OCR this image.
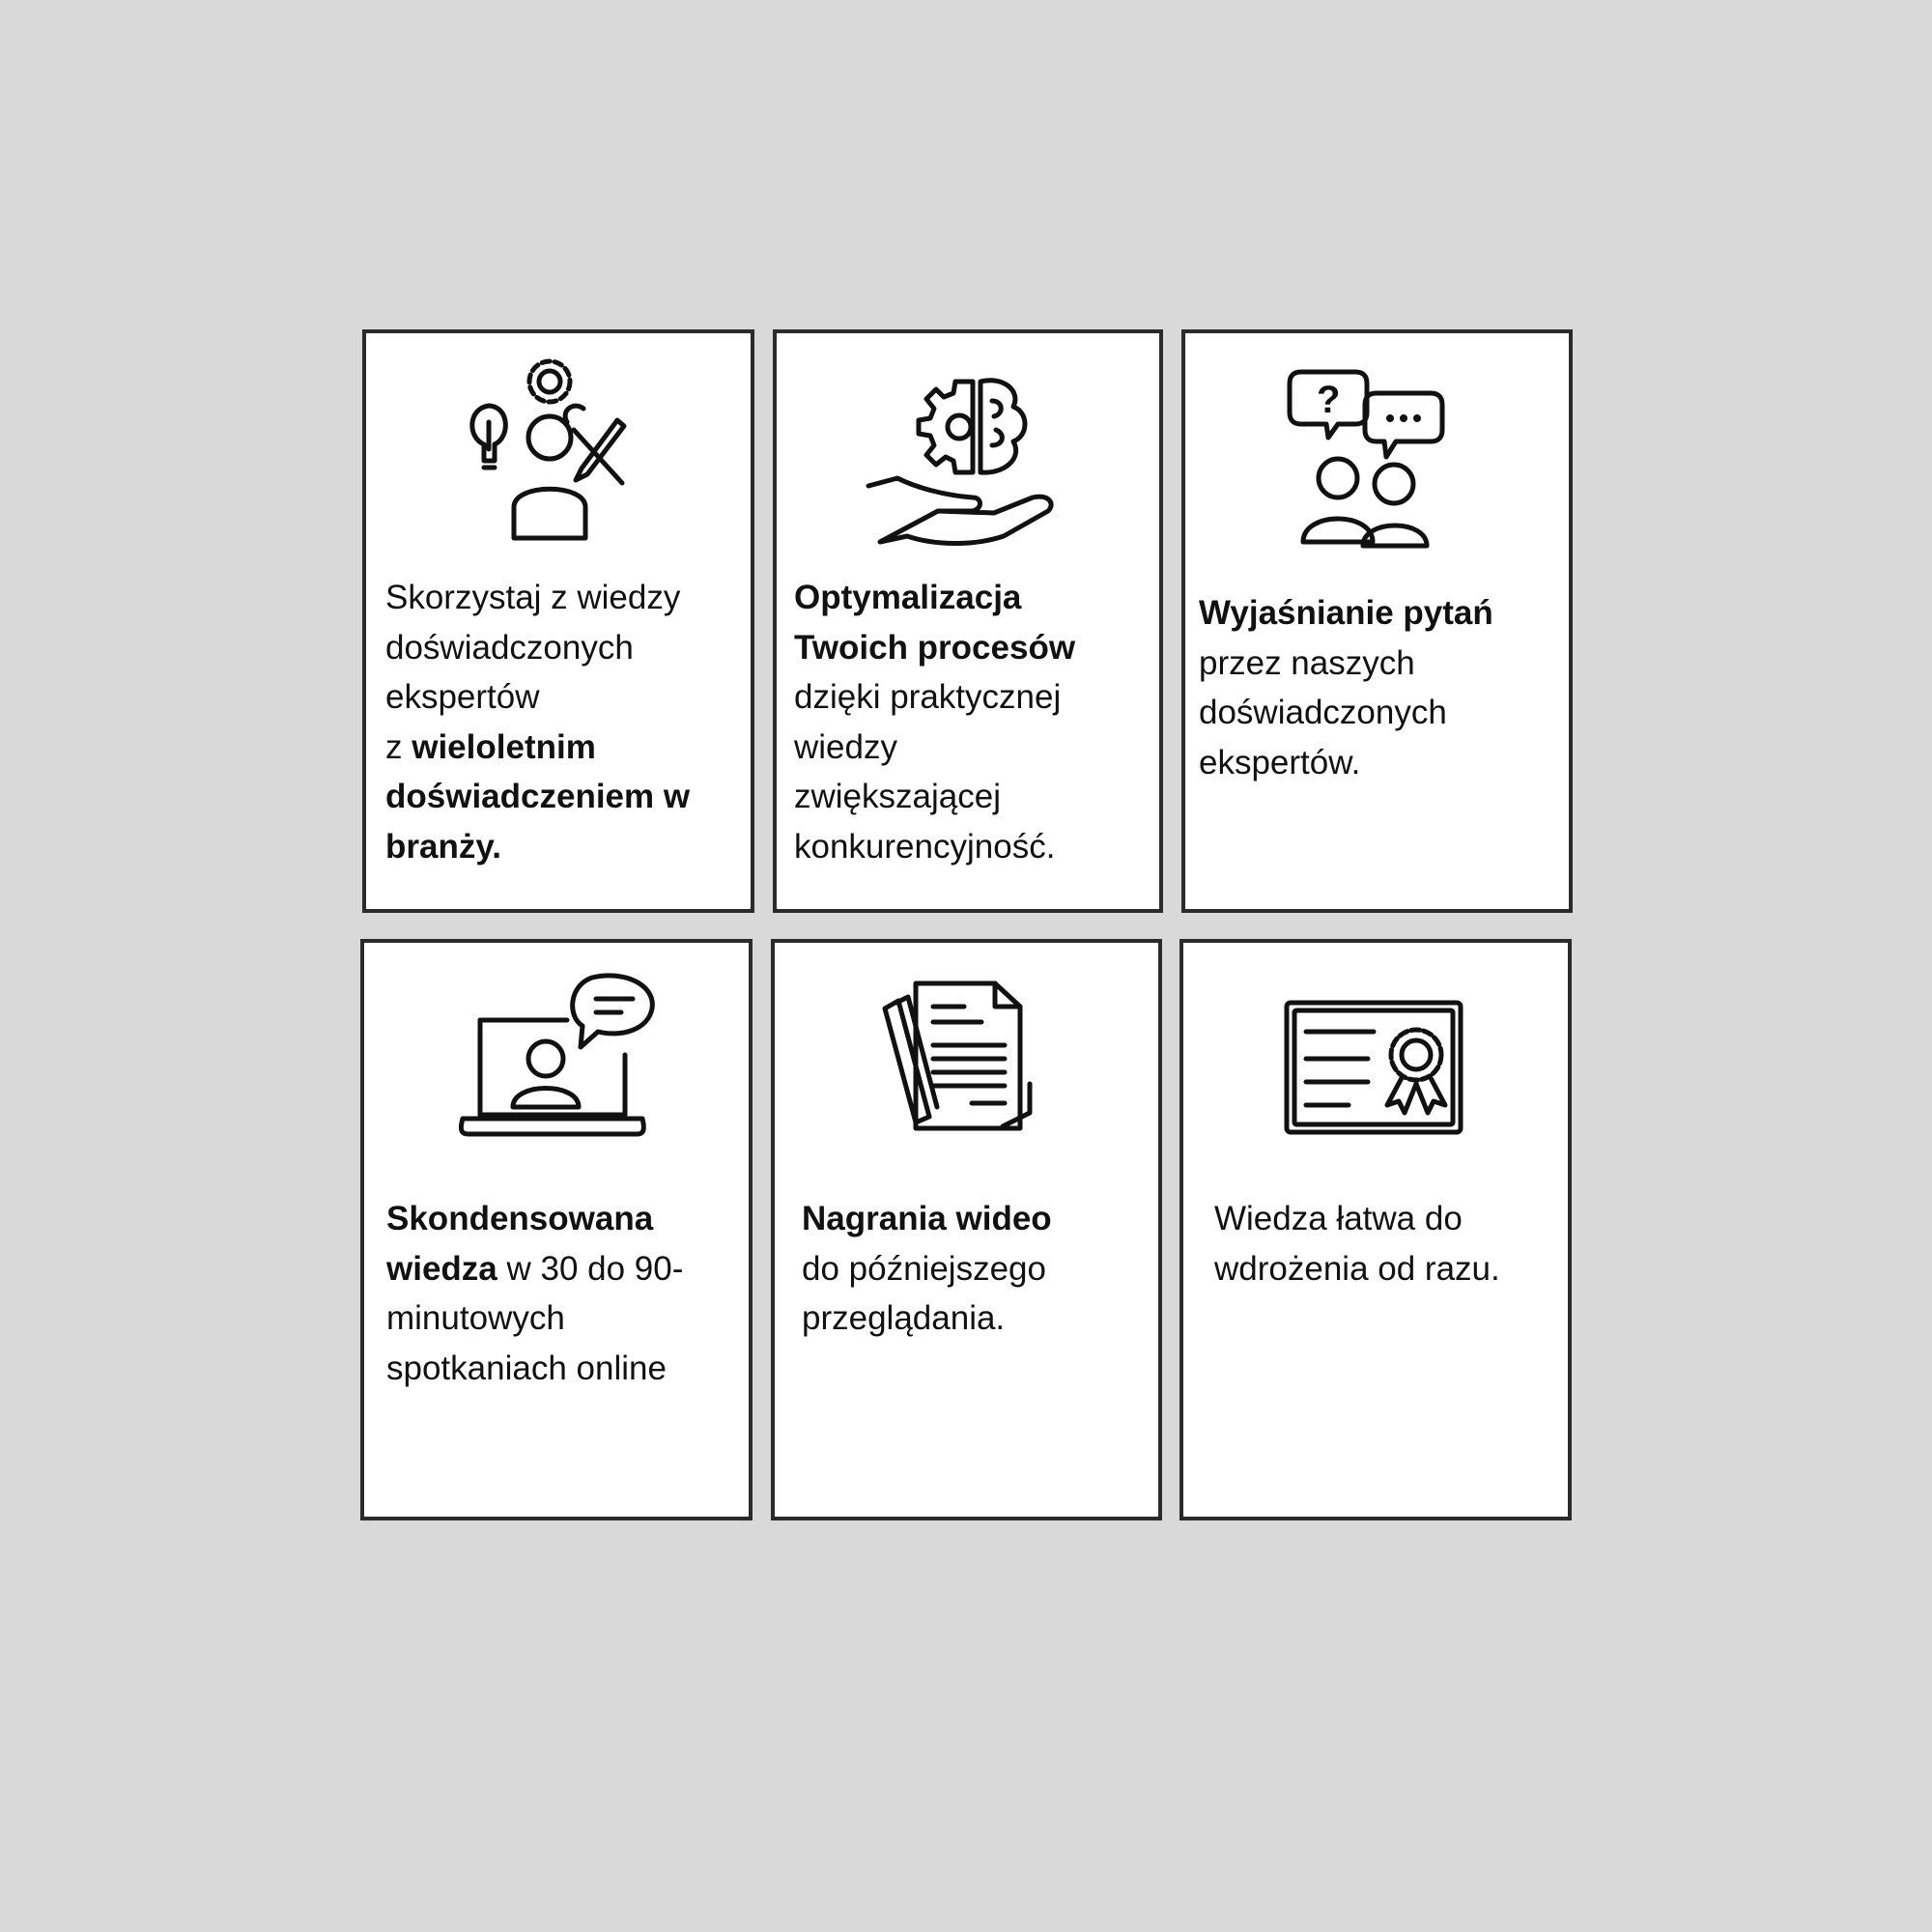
Skorzystaj z wiedzy
doświadczonych
ekspertów
z wieloletnim
doświadczeniem w
branży.
Optymalizacja
Twoich procesów
dzięki praktycznej
wiedzy
zwiększającej
konkurencyjność.
?
Wyjaśnianie pytań
przez naszych
doświadczonych
ekspertów.
Skondensowana
wiedza w 30 do 90-
minutowych
spotkaniach online
Nagrania wideo
do późniejszego
przeglądania.
Wiedza łatwa do
wdrożenia od razu.
